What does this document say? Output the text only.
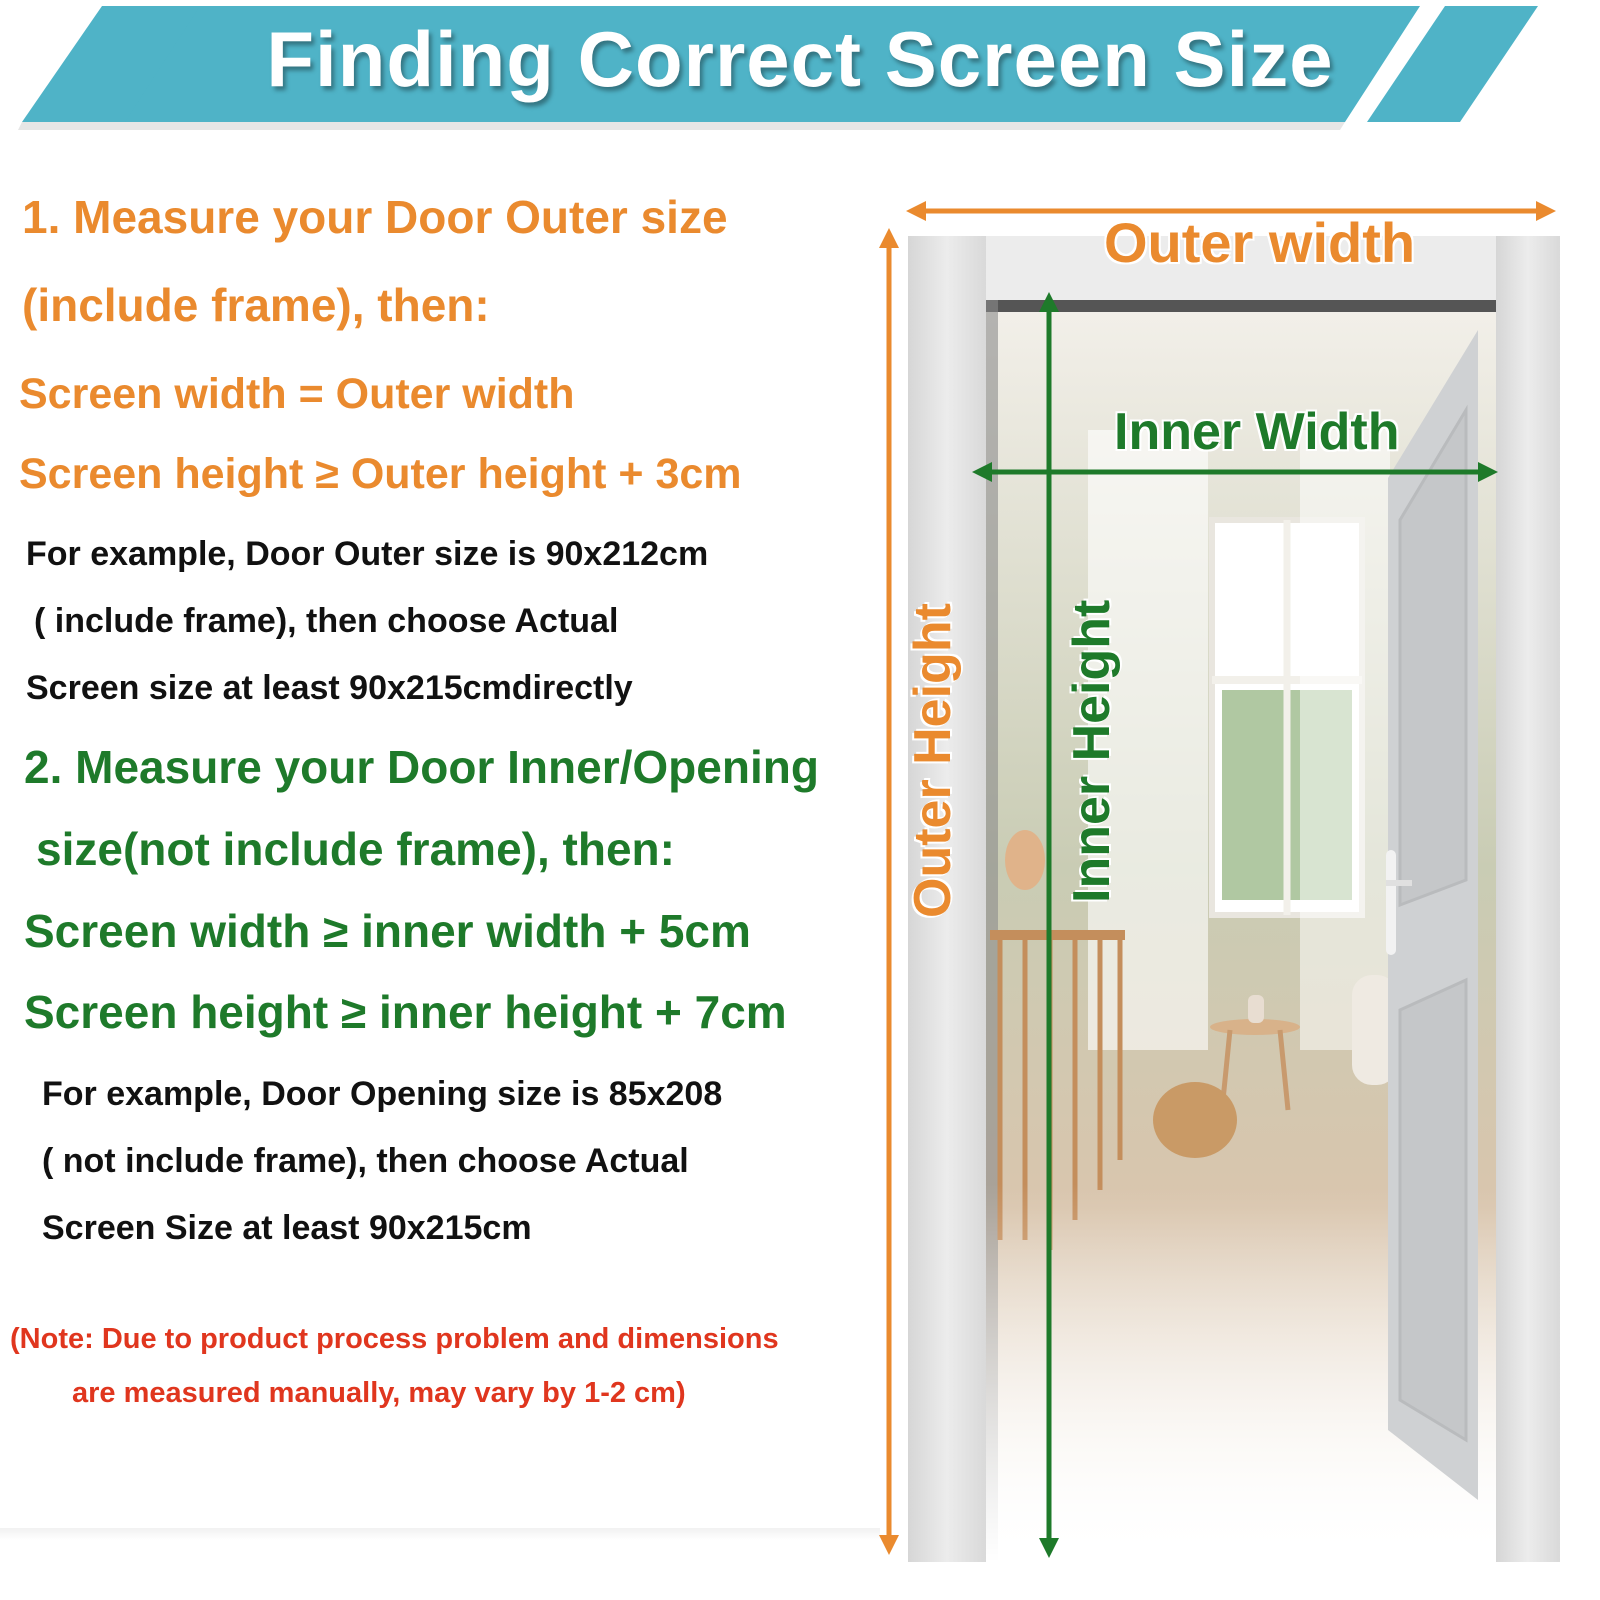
Finding Correct Screen Size
1. Measure your Door Outer size
(include frame), then:
Screen width = Outer width
Screen height ≥ Outer height + 3cm
For example, Door Outer size is 90x212cm
( include frame), then choose Actual
Screen size at least 90x215cmdirectly
2. Measure your Door Inner/Opening
size(not include frame), then:
Screen width ≥ inner width + 5cm
Screen height ≥ inner height + 7cm
For example, Door Opening size is 85x208
( not include frame), then choose Actual
Screen Size at least 90x215cm
(Note: Due to product process problem and dimensions
are measured manually, may vary by 1-2 cm)
Outer width
Inner Width
Outer Height Inner Height
